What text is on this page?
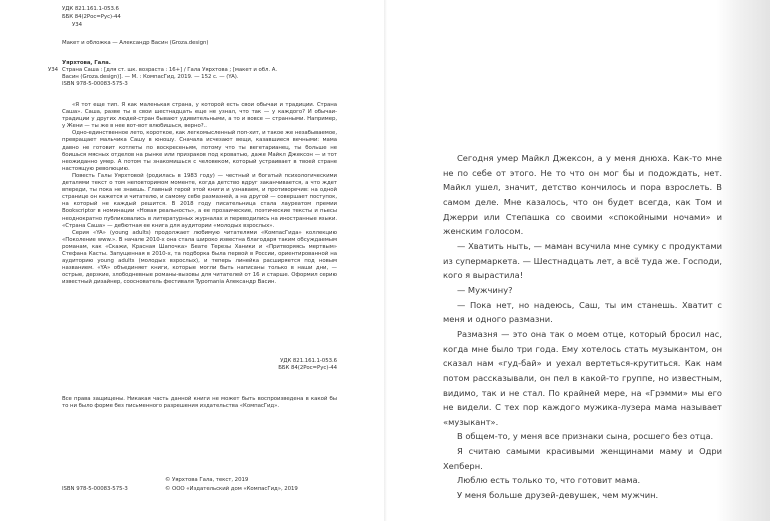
УДК 821.161.1-053.6
ББК 84(2Рос=Рус)-44
У34
Макет и обложка — Александр Васин (Groza.design)
Уярхтова, Гала.
У34 Страна Саша : [для ст. шк. возраста : 16+] / Гала Уярхтова ; [макет и обл. А.
Васин (Groza.design)]. — М. : КомпасГид, 2019. — 152 с. — (YA).
ISBN 978-5-00083-575-3

«Я тот еще тип. Я как маленькая страна, у которой есть свои обычаи и традиции. Страна Саша». Саша, разве ты в свои шестнадцать еще не узнал, что так — у каждого? И обычаи-традиции у других людей-стран бывают удивительными, а то и вовсе — странными. Например, у Жени — ты же в нее вот-вот влюбишься, верно?..

Одно-единственное лето, короткое, как легкомысленный поп-хит, и такое же незабываемое, превращает мальчика Сашу в юношу. Сначала исчезают вещи, казавшиеся вечными: мама давно не готовит котлеты по воскресеньям, потому что ты вегетарианец, ты больше не боишься мясных отделов на рынке или призраков под кроватью, даже Майкл Джексон — и тот неожиданно умер. А потом ты знакомишься с человеком, который устраивает в твоей стране настоящую революцию.

Повесть Галы Уярхтовой (родилась в 1983 году) — честный и богатый психологическими деталями текст о том неповторимом моменте, когда детство вдруг заканчивается, а что ждет впереди, ты пока не знаешь. Главный герой этой книги и узнаваем, и противоречив: на одной странице он кажется и читателю, и самому себе размазней, а на другой — совершает поступок, на который не каждый решится. В 2018 году писательница стала лауреатом премии Bookscriptor в номинации «Новая реальность», а ее прозаические, поэтические тексты и пьесы неоднократно публиковались в литературных журналах и переводились на иностранные языки. «Страна Саша» — дебютная ее книга для аудитории «молодых взрослых».

Серия «YA» (young adults) продолжает любимую читателями «КомпасГида» коллекцию «Поколение www.». В начале 2010-х она стала широко известна благодаря таким обсуждаемым романам, как «Скажи, Красная Шапочка» Беате Терезы Ханики и «Притворяясь мертвым» Стефана Касты. Запущенная в 2010-х, та подборка была первой в России, ориентированной на аудиторию young adults (молодых взрослых), и теперь линейка расширяется под новым названием. «YA» объединяет книги, которые могли быть написаны только в наши дни, — острые, дерзкие, злободневные романы-вызовы для читателей от 16 и старше. Оформил серию известный дизайнер, сооснователь фестиваля Typomania Александр Васин.

УДК 821.161.1-053.6
ББК 84(2Рос=Рус)-44
Все права защищены. Никакая часть данной книги не может быть воспроизведена в какой бы то ни было форме без письменного разрешения издательства «КомпасГид».
ISBN 978-5-00083-575-3
© Уярхтова Гала, текст, 2019
© ООО «Издательский дом «КомпасГид», 2019

Сегодня умер Майкл Джексон, а у меня днюха. Как-то мне не по себе от этого. Не то что он мог бы и подождать, нет. Майкл ушел, значит, детство кончилось и пора взрослеть. В самом деле. Мне казалось, что он будет всегда, как Том и Джерри или Степашка со своими «спокойными ночами» и женским голосом.

— Хватить ныть, — маман всучила мне сумку с продуктами из супермаркета. — Шестнадцать лет, а всё туда же. Господи, кого я вырастила!

— Мужчину?

— Пока нет, но надеюсь, Саш, ты им станешь. Хватит с меня и одного размазни.

Размазня — это она так о моем отце, который бросил нас, когда мне было три года. Ему хотелось стать музыкантом, он сказал нам «гуд-бай» и уехал вертеться-крутиться. Как нам потом рассказывали, он пел в какой-то группе, но известным, видимо, так и не стал. По крайней мере, на «Грэмми» мы его не видели. С тех пор каждого мужика-лузера мама называет «музыкант».

В общем-то, у меня все признаки сына, росшего без отца.

Я считаю самыми красивыми женщинами маму и Одри Хепберн.

Люблю есть только то, что готовит мама.

У меня больше друзей-девушек, чем мужчин.
